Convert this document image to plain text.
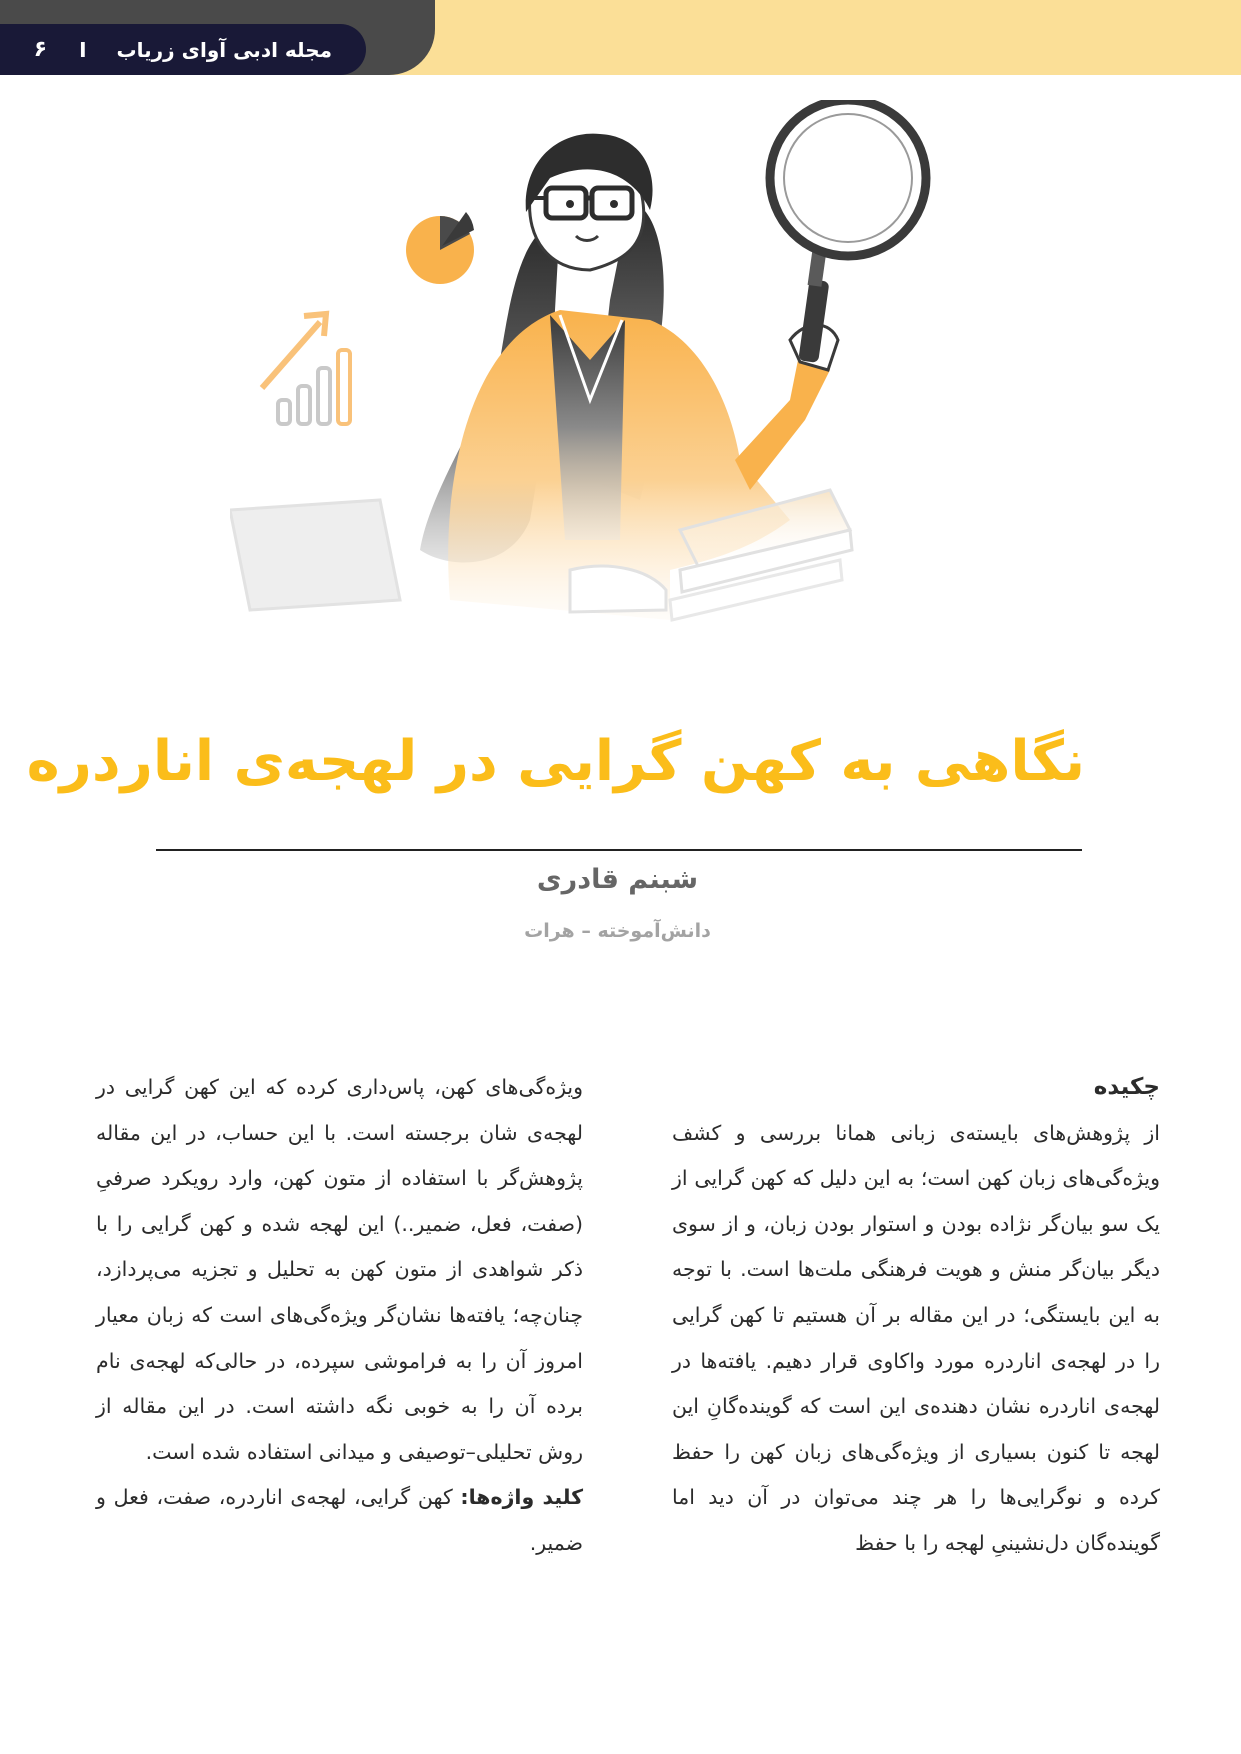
مجله ادبی آوای زریاب
I
۶
نگاهی به کهن گرایی در لهجه‌ی اناردره
شبنم قادری
دانش‌آموخته – هرات

چکیده

از پژوهش‌های بایسته‌ی زبانی همانا بررسی و کشف ویژه‌گی‌های زبان کهن است؛ به این دلیل که کهن گرایی از یک سو بیان‌گر نژاده بودن و استوار بودن زبان، و از سوی دیگر بیان‌گر منش و هویت فرهنگی ملت‌ها است. با توجه به این بایستگی؛ در این مقاله بر آن هستیم تا کهن گرایی را در لهجه‌ی اناردره مورد واکاوی قرار دهیم. یافته‌ها در لهجه‌ی اناردره نشان دهنده‌ی این است که گوینده‌گانِ این لهجه تا کنون بسیاری از ویژه‌گی‌های زبان کهن را حفظ کرده و نوگرایی‌ها را هر چند می‌توان در آن دید اما گوینده‌گان دل‌نشینیِ لهجه را با حفظ

ویژه‌گی‌های کهن، پاس‌داری کرده که این کهن گرایی در لهجه‌ی شان برجسته است. با این حساب، در این مقاله پژوهش‌گر با استفاده از متون کهن، وارد رویکرد صرفیِ (صفت، فعل، ضمیر..) این لهجه شده و کهن گرایی را با ذکر شواهدی از متون کهن به تحلیل و تجزیه می‌پردازد، چنان‌چه؛ یافته‌ها نشان‌گر ویژه‌گی‌های است که زبان معیار امروز آن را به فراموشی سپرده، در حالی‌که لهجه‌ی نام برده آن را به خوبی نگه داشته است. در این مقاله از روش تحلیلی–توصیفی و میدانی استفاده شده است.

کلید واژه‌ها: کهن گرایی، لهجه‌ی اناردره، صفت، فعل و ضمیر.
